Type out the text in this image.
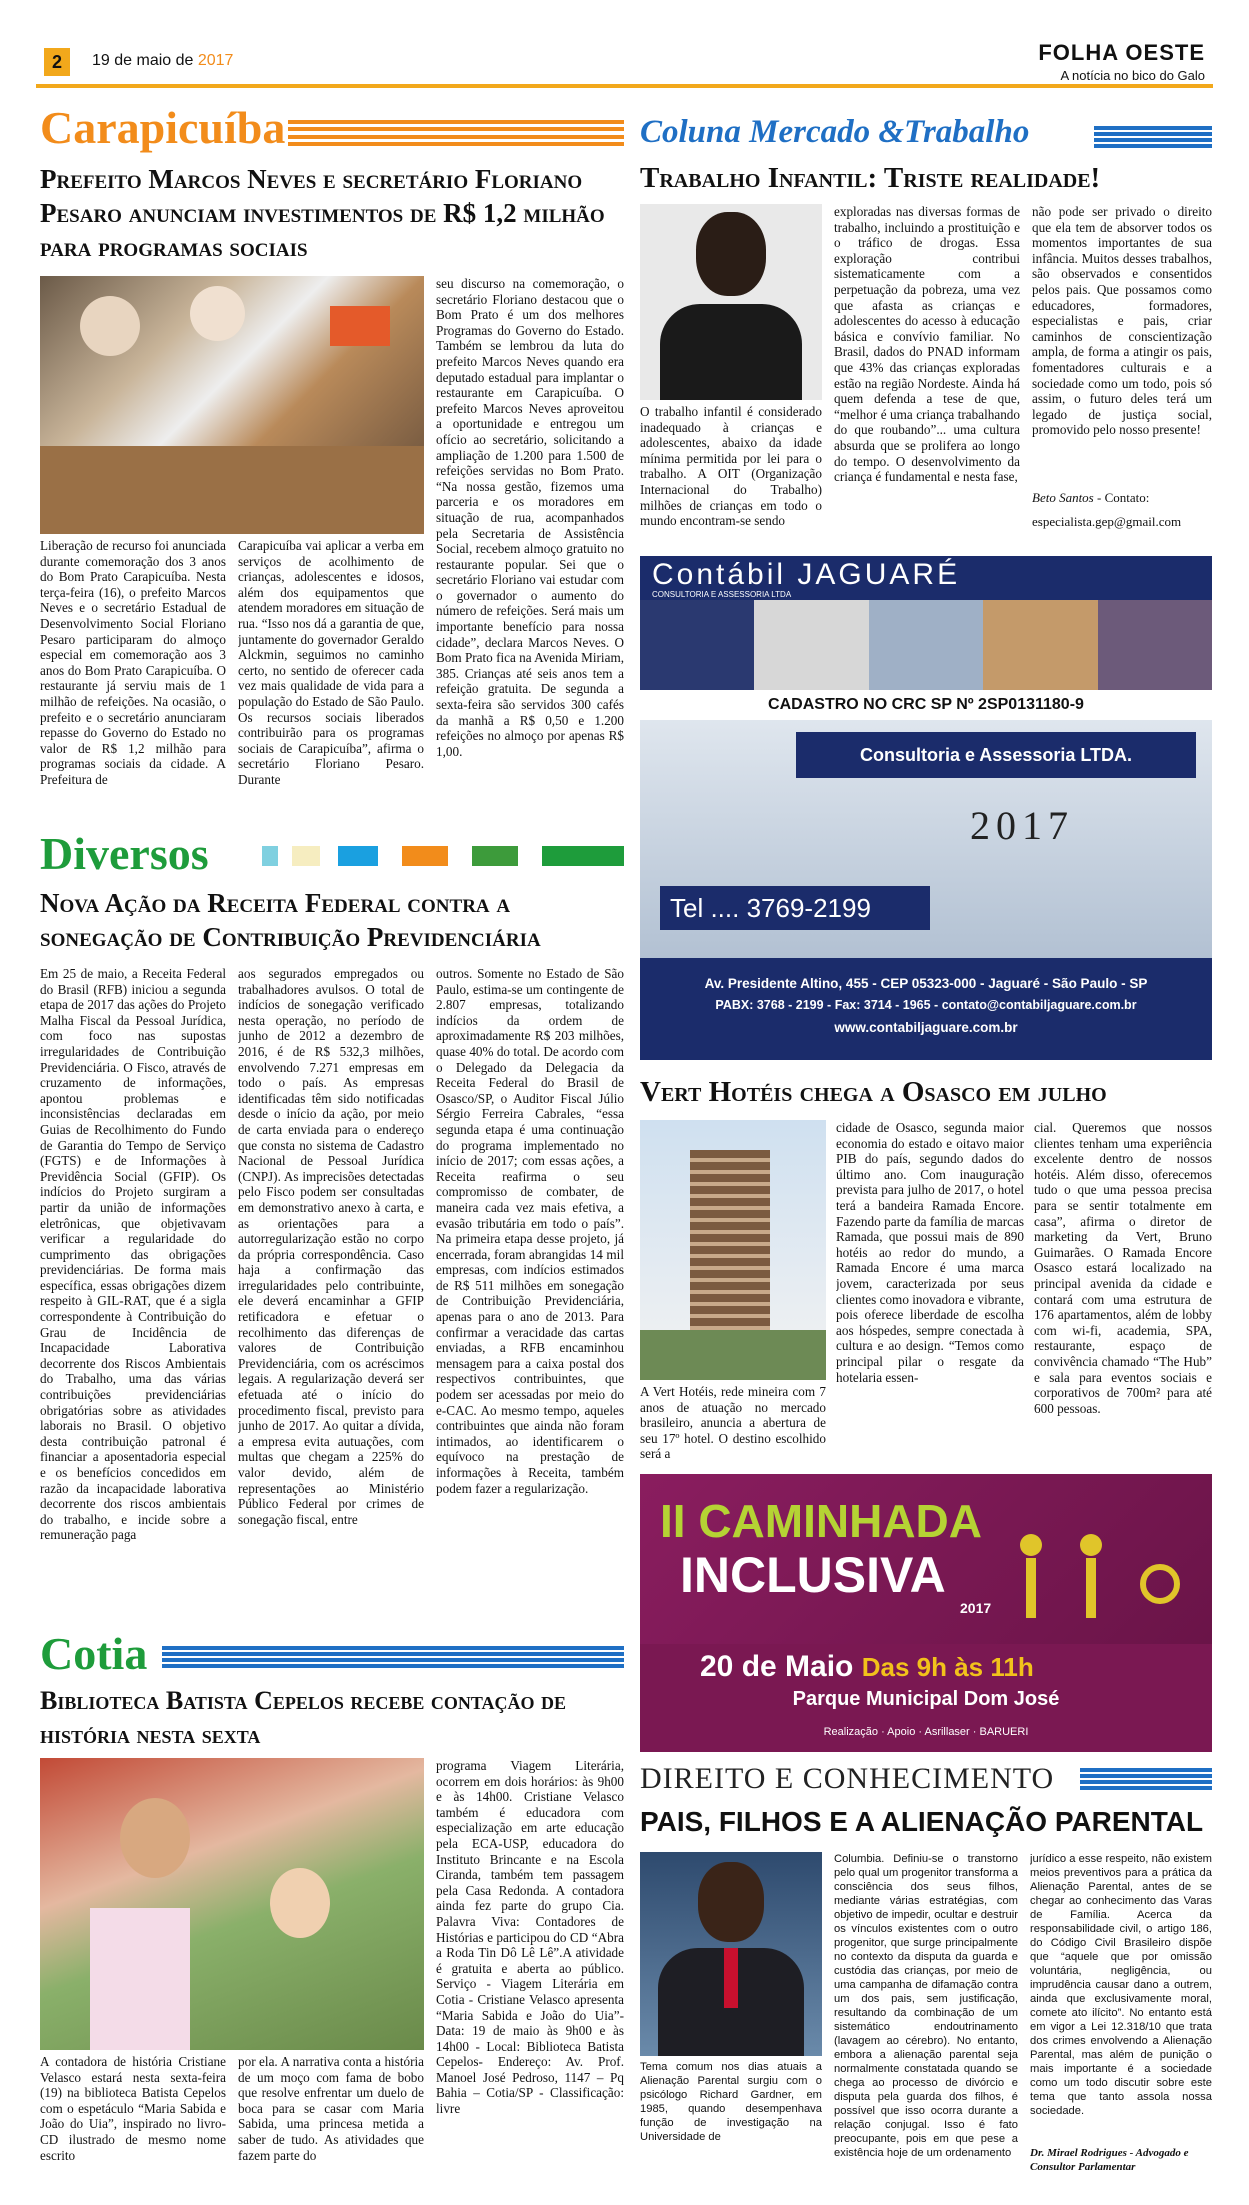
2	19 de maio de 2017	FOLHA OESTE
A notícia no bico do Galo
Carapicuíba
Prefeito Marcos Neves e secretário Floriano Pesaro anunciam investimentos de R$ 1,2 milhão para programas sociais
Liberação de recurso foi anunciada durante comemoração dos 3 anos do Bom Prato Carapicuíba. Nesta terça-feira (16), o prefeito Marcos Neves e o secretário Estadual de Desenvolvimento Social Floriano Pesaro participaram do almoço especial em comemoração aos 3 anos do Bom Prato Carapicuíba. O restaurante já serviu mais de 1 milhão de refeições. Na ocasião, o prefeito e o secretário anunciaram repasse do Governo do Estado no valor de R$ 1,2 milhão para programas sociais da cidade. A Prefeitura de
Carapicuíba vai aplicar a verba em serviços de acolhimento de crianças, adolescentes e idosos, além dos equipamentos que atendem moradores em situação de rua. “Isso nos dá a garantia de que, juntamente do governador Geraldo Alckmin, seguimos no caminho certo, no sentido de oferecer cada vez mais qualidade de vida para a população do Estado de São Paulo. Os recursos sociais liberados contribuirão para os programas sociais de Carapicuíba”, afirma o secretário Floriano Pesaro. Durante
seu discurso na comemoração, o secretário Floriano destacou que o Bom Prato é um dos melhores Programas do Governo do Estado. Também se lembrou da luta do prefeito Marcos Neves quando era deputado estadual para implantar o restaurante em Carapicuíba. O prefeito Marcos Neves aproveitou a oportunidade e entregou um ofício ao secretário, solicitando a ampliação de 1.200 para 1.500 de refeições servidas no Bom Prato. “Na nossa gestão, fizemos uma parceria e os moradores em situação de rua, acompanhados pela Secretaria de Assistência Social, recebem almoço gratuito no restaurante popular. Sei que o secretário Floriano vai estudar com o governador o aumento do número de refeições. Será mais um importante benefício para nossa cidade”, declara Marcos Neves. O Bom Prato fica na Avenida Miriam, 385. Crianças até seis anos tem a refeição gratuita. De segunda a sexta-feira são servidos 300 cafés da manhã a R$ 0,50 e 1.200 refeições no almoço por apenas R$ 1,00.
Diversos
Nova Ação da Receita Federal contra a sonegação de Contribuição Previdenciária
Em 25 de maio, a Receita Federal do Brasil (RFB) iniciou a segunda etapa de 2017 das ações do Projeto Malha Fiscal da Pessoal Jurídica, com foco nas supostas irregularidades de Contribuição Previdenciária. O Fisco, através de cruzamento de informações, apontou problemas e inconsistências declaradas em Guias de Recolhimento do Fundo de Garantia do Tempo de Serviço (FGTS) e de Informações à Previdência Social (GFIP). Os indícios do Projeto surgiram a partir da união de informações eletrônicas, que objetivavam verificar a regularidade do cumprimento das obrigações previdenciárias. De forma mais específica, essas obrigações dizem respeito à GIL-RAT, que é a sigla correspondente à Contribuição do Grau de Incidência de Incapacidade Laborativa decorrente dos Riscos Ambientais do Trabalho, uma das várias contribuições previdenciárias obrigatórias sobre as atividades laborais no Brasil. O objetivo desta contribuição patronal é financiar a aposentadoria especial e os benefícios concedidos em razão da incapacidade laborativa decorrente dos riscos ambientais do trabalho, e incide sobre a remuneração paga
aos segurados empregados ou trabalhadores avulsos. O total de indícios de sonegação verificado nesta operação, no período de junho de 2012 a dezembro de 2016, é de R$ 532,3 milhões, envolvendo 7.271 empresas em todo o país. As empresas identificadas têm sido notificadas desde o início da ação, por meio de carta enviada para o endereço que consta no sistema de Cadastro Nacional de Pessoal Jurídica (CNPJ). As imprecisões detectadas pelo Fisco podem ser consultadas em demonstrativo anexo à carta, e as orientações para a autorregularização estão no corpo da própria correspondência. Caso haja a confirmação das irregularidades pelo contribuinte, ele deverá encaminhar a GFIP retificadora e efetuar o recolhimento das diferenças de valores de Contribuição Previdenciária, com os acréscimos legais. A regularização deverá ser efetuada até o início do procedimento fiscal, previsto para junho de 2017. Ao quitar a dívida, a empresa evita autuações, com multas que chegam a 225% do valor devido, além de representações ao Ministério Público Federal por crimes de sonegação fiscal, entre
outros. Somente no Estado de São Paulo, estima-se um contingente de 2.807 empresas, totalizando indícios da ordem de aproximadamente R$ 203 milhões, quase 40% do total. De acordo com o Delegado da Delegacia da Receita Federal do Brasil de Osasco/SP, o Auditor Fiscal Júlio Sérgio Ferreira Cabrales, “essa segunda etapa é uma continuação do programa implementado no início de 2017; com essas ações, a Receita reafirma o seu compromisso de combater, de maneira cada vez mais efetiva, a evasão tributária em todo o país”. Na primeira etapa desse projeto, já encerrada, foram abrangidas 14 mil empresas, com indícios estimados de R$ 511 milhões em sonegação de Contribuição Previdenciária, apenas para o ano de 2013. Para confirmar a veracidade das cartas enviadas, a RFB encaminhou mensagem para a caixa postal dos respectivos contribuintes, que podem ser acessadas por meio do e-CAC. Ao mesmo tempo, aqueles contribuintes que ainda não foram intimados, ao identificarem o equívoco na prestação de informações à Receita, também podem fazer a regularização.
Cotia
Biblioteca Batista Cepelos recebe contação de história nesta sexta
A contadora de história Cristiane Velasco estará nesta sexta-feira (19) na biblioteca Batista Cepelos com o espetáculo “Maria Sabida e João do Uia”, inspirado no livro-CD ilustrado de mesmo nome escrito
por ela. A narrativa conta a história de um moço com fama de bobo que resolve enfrentar um duelo de boca para se casar com Maria Sabida, uma princesa metida a saber de tudo. As atividades que fazem parte do
programa Viagem Literária, ocorrem em dois horários: às 9h00 e às 14h00. Cristiane Velasco também é educadora com especialização em arte educação pela ECA-USP, educadora do Instituto Brincante e na Escola Ciranda, também tem passagem pela Casa Redonda. A contadora ainda fez parte do grupo Cia. Palavra Viva: Contadores de Histórias e participou do CD “Abra a Roda Tin Dô Lê Lê”.A atividade é gratuita e aberta ao público. Serviço - Viagem Literária em Cotia - Cristiane Velasco apresenta “Maria Sabida e João do Uia”- Data: 19 de maio às 9h00 e às 14h00 - Local: Biblioteca Batista Cepelos- Endereço: Av. Prof. Manoel José Pedroso, 1147 – Pq Bahia – Cotia/SP - Classificação: livre
Coluna Mercado &Trabalho
Trabalho Infantil: Triste realidade!
O trabalho infantil é considerado inadequado à crianças e adolescentes, abaixo da idade mínima permitida por lei para o trabalho. A OIT (Organização Internacional do Trabalho) milhões de crianças em todo o mundo encontram-se sendo
exploradas nas diversas formas de trabalho, incluindo a prostituição e o tráfico de drogas. Essa exploração contribui sistematicamente com a perpetuação da pobreza, uma vez que afasta as crianças e adolescentes do acesso à educação básica e convívio familiar. No Brasil, dados do PNAD informam que 43% das crianças exploradas estão na região Nordeste. Ainda há quem defenda a tese de que, “melhor é uma criança trabalhando do que roubando”... uma cultura absurda que se prolifera ao longo do tempo. O desenvolvimento da criança é fundamental e nesta fase,
não pode ser privado o direito que ela tem de absorver todos os momentos importantes de sua infância. Muitos desses trabalhos, são observados e consentidos pelos pais. Que possamos como educadores, formadores, especialistas e pais, criar caminhos de conscientização ampla, de forma a atingir os pais, fomentadores culturais e a sociedade como um todo, pois só assim, o futuro deles terá um legado de justiça social, promovido pelo nosso presente!
Beto Santos - Contato:
especialista.gep@gmail.com
Contábil JAGUARÉ
CONSULTORIA E ASSESSORIA LTDA
CADASTRO NO CRC SP Nº 2SP0131180-9
Consultoria e Assessoria LTDA.
2017
Tel .... 3769-2199
Av. Presidente Altino, 455 - CEP 05323-000 - Jaguaré - São Paulo - SP
PABX: 3768 - 2199 - Fax: 3714 - 1965 - contato@contabiljaguare.com.br
www.contabiljaguare.com.br
Vert Hotéis chega a Osasco em julho
A Vert Hotéis, rede mineira com 7 anos de atuação no mercado brasileiro, anuncia a abertura de seu 17º hotel. O destino escolhido será a
cidade de Osasco, segunda maior economia do estado e oitavo maior PIB do país, segundo dados do último ano. Com inauguração prevista para julho de 2017, o hotel terá a bandeira Ramada Encore. Fazendo parte da família de marcas Ramada, que possui mais de 890 hotéis ao redor do mundo, a Ramada Encore é uma marca jovem, caracterizada por seus clientes como inovadora e vibrante, pois oferece liberdade de escolha aos hóspedes, sempre conectada à cultura e ao design. “Temos como principal pilar o resgate da hotelaria essen-
cial. Queremos que nossos clientes tenham uma experiência excelente dentro de nossos hotéis. Além disso, oferecemos tudo o que uma pessoa precisa para se sentir totalmente em casa”, afirma o diretor de marketing da Vert, Bruno Guimarães. O Ramada Encore Osasco estará localizado na principal avenida da cidade e contará com uma estrutura de 176 apartamentos, além de lobby com wi-fi, academia, SPA, restaurante, espaço de convivência chamado “The Hub” e sala para eventos sociais e corporativos de 700m² para até 600 pessoas.
II CAMINHADA
INCLUSIVA
2017
20 de Maio Das 9h às 11h
Parque Municipal Dom José
Realização · Apoio · Asrillaser · BARUERI
DIREITO E CONHECIMENTO
PAIS, FILHOS E A ALIENAÇÃO PARENTAL
Tema comum nos dias atuais a Alienação Parental surgiu com o psicólogo Richard Gardner, em 1985, quando desempenhava função de investigação na Universidade de
Columbia. Definiu-se o transtorno pelo qual um progenitor transforma a consciência dos seus filhos, mediante várias estratégias, com objetivo de impedir, ocultar e destruir os vínculos existentes com o outro progenitor, que surge principalmente no contexto da disputa da guarda e custódia das crianças, por meio de uma campanha de difamação contra um dos pais, sem justificação, resultando da combinação de um sistemático endoutrinamento (lavagem ao cérebro). No entanto, embora a alienação parental seja normalmente constatada quando se chega ao processo de divórcio e disputa pela guarda dos filhos, é possível que isso ocorra durante a relação conjugal. Isso é fato preocupante, pois em que pese a existência hoje de um ordenamento
jurídico a esse respeito, não existem meios preventivos para a prática da Alienação Parental, antes de se chegar ao conhecimento das Varas de Família. Acerca da responsabilidade civil, o artigo 186, do Código Civil Brasileiro dispõe que “aquele que por omissão voluntária, negligência, ou imprudência causar dano a outrem, ainda que exclusivamente moral, comete ato ilícito”. No entanto está em vigor a Lei 12.318/10 que trata dos crimes envolvendo a Alienação Parental, mas além de punição o mais importante é a sociedade como um todo discutir sobre este tema que tanto assola nossa sociedade.
Dr. Mirael Rodrigues - Advogado e Consultor Parlamentar
